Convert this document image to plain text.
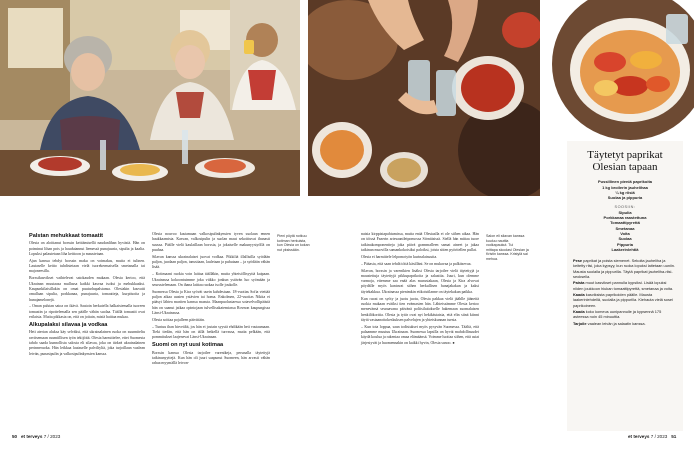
Palstan mehukkaat tomaatit

Olesia on aloittanut borssin keittämisellä naudanlihan hyvästä. Hän on poiminut lihan pois ja haudutannut liemessä punajuuria, sipulia ja kaalia. Lopuksi palautetaan liha keittoon ja maustetaan.

Ajan kanssa tehdyt borssin maku on voimakas, mutta ei tulinen. Lautaselle keitto tuhdistetaan vielä tuorekermaisella smetanalla tai majoneesilla.

Borssikasvikset vaihtelevat satokauden mukaan. Olesia kertoo, että Ukrainan muutaasa mullassa kaikki kasvaa isoksi ja mehukkaaksi. Kaupunkilaisillakin on omat puutarhapalstansa. Olesiakin kasvatti omallaan sipulia, porkkanaa, punajuuria, tomaatteja, kurpitsoita ja hunajamelonejá.

– Oman palstan satoa on ikävä. Saatoin herkutella halkaistemalla tuoreen tomaatin ja ripottelemalla sen päälle vähän suolaa. Täällä tomaatit ovat erilaisia. Mutta pikkasia on, että on joitain, mistä haittaa mukaa.

Alkupalaksi silavaa ja vodkaa

Heti aterian aluksa käy selväksi, että ukrainalainen ruoka on suunniteltu ravitsemaan ruumiillisen työn tekijöitä. Olesia harmittelee, ettei Suomesta tahdo saada kunnollista salosta eli silavaa, joka on tärkeä ukrainalainen perinneruoka. Hän leikkaa lautaselle palviltyltä, joka tarjoillaan vaalean leivän, punasipulin ja valkosipulinkynsien kanssa.

Olesia nouvoo kastamaan valkosipulinkynsien tyven suolaan ennen haukkaamista. Kasvan, valkosipulin ja suolan maut sekoittuvat ihanasti suussa. Päälle vielä kaulaillaan borssia, ja jokaiselle makunyystyöllä on puuhaa.

Silavan kanssa ukrainalaiset juovat vodkaa. Pikkiliä illallisilla syödään paljon, juodaan paljon, tanssitaan, lauletaan ja puhutaan – ja syödään vähän lisää.

– Kotimaani ruokia voin laittaa täälläkin, mutta yhteisöllisyyttä kaipaan. Ukrainassa kokoontuimme joka viikko jonkun ystävän luo syömään ja seurustelemaan. On ihana laittaa ruokaa isolle joukolle.

Suomessa Olesia ja Kira syövät usein kahdestaan. 18-vuotias Sofia viettää paljon aikaa uusien ystävien tai homa. Enkolmen, 22-vuotias Nikita ei pääsyt lähtea mariten kanssa maasta. Maanpuolustaessa sotavelvollipäästä hän on saanut jatkaa opintojaan tulvellisakatemiassa Rovnon kaupungissa Länsi-Ukrainassa.

Olesia soittaa pojalleen päivittäin.

– Tuntuu ihan hirveältä, jos hän ei jostain syystä ehdikään heti vastaamaan. Tieki tiedän, että hän on tällä hetkellä turvassa, mutta pelkään, että pommitukset laajenevat Länsi-Ukrainaan.

Suomi on nyt uusi kotimaa

Borssin kanssa Olesia tarjoilee varenikeja, perunalla täytettyjä taikinanyyttejä. Kun hän oli juuri saapunut Suomeen, hän arvasti vähän rahaa myymällä leivon-

Pieni pöytä notkuu kotiman herkuista, kun Olesia on kokan nut yksissään.

naisia kirppistapahtumissa, mutta enää Olesiaalla ei ole siihen aikaa. Hän on töissä Fazerin artesaanileipomossa Sörnäisissä. Siellä hän mittaa tuore taikinakomponentteja joka päivä grammalleen samat aineet ja jakaa taikinan muovilla samankokoisiksi paloiksi, joista sitten pyöritellen pullat.

Olesia ei harmittele lelpomotyön kurinalaisuutta.

– Pääasia, että saan tehdä töitä käsilläni. Se on mukavaa ja palkitsevaa.

Silavan, borssin ja varenikien lisäksi Olesia tarjoilee vielä täytettyjä ja maustettuja täytettyjä pikkupaprikoita ja salaattia. Juuri, kun olemme varmoja, ettemme saa enää alas murustakaan, Olesia ja Kira alvovat pöydälle myös kantavat siihen herkullisen hunajakakun ja kaksi täytekakkua. Ukrainassa pienimkin etikoistilanne on täytekakun paikka.

Kun ruoat on syöty ja juotu juotu, Olesia pakkaa vielä jäählle jääneitä ruokia mukaan eväiksi tien evämasien hän. Lähteissämme Olesia kertoo menevänsä seuraavana päivänä poliisilaitokselle hakemaan suomalaisen henkilökorttia. Olesia ja tytär ovat nyt hekikästaisia, että elin siinä kiinni täytä vastaanottokeskuksen palvelujen ja yhteiskunnan tuesta.

– Kun tota loppua, saan todistukset myös pysyvän Suomessa. Täältä, että palaamme muutuu Ukrainaan. Suomessa lapsilla on hyvät mahdollisuudet käydä koulua ja rakentaa omaa elämäänsä. Voimme luottaa siihen, että asiat järjestyvät ja huomennakin on kaikki hyvin, Olesia sanoo. ●

Salon eli silavan kanssa kuuluu nauttia vodkapaukut. Tui mittapa skoolasi Olesian ja Kristin kanssa. Kristylä sai mehua.
Täytetyt paprikat Olesian tapaan
Pussillinen pieniä paprikoita
1 kg broilerin jauhelihaa
¼ kg riisiä
Suolaa ja pippuria
SOOSIIN:
Sipulia
Porkkanaa raastettuna
Tomaattipyrettä
Smetanaa
Voita
Suolaa
Pippuria
Laakerinlehtiä

Pese paprikat ja poista siemenet. Sekoita jauheliha ja keitetty riisi, joka kypsyy, kun ruoka lopuksi laitetaan uuniin. Mausta suolalla ja pippurilla. Täytä paprikat jauheliha-riisi-seoksella.

Paista muut kasvikset pannulla kypsiksi. Lisää lopuksi niiden joukkoon hiukan tomaattipyrettä, smetanaa ja voita.

Kaada kasviksista paprikoiden päälle. Mausta laakerinlehdellä, suolalla ja pippurilla. Kiehauta vielä sosei paprikoineen.

Kaada koko komeus uunipannulle ja kypsennä 175 asteessa noin 45 minuuttia.

Tarjoile vaalean leivän ja salaatin kanssa.

50 et terveys 7 / 2023	et terveys 7 / 2023 51
